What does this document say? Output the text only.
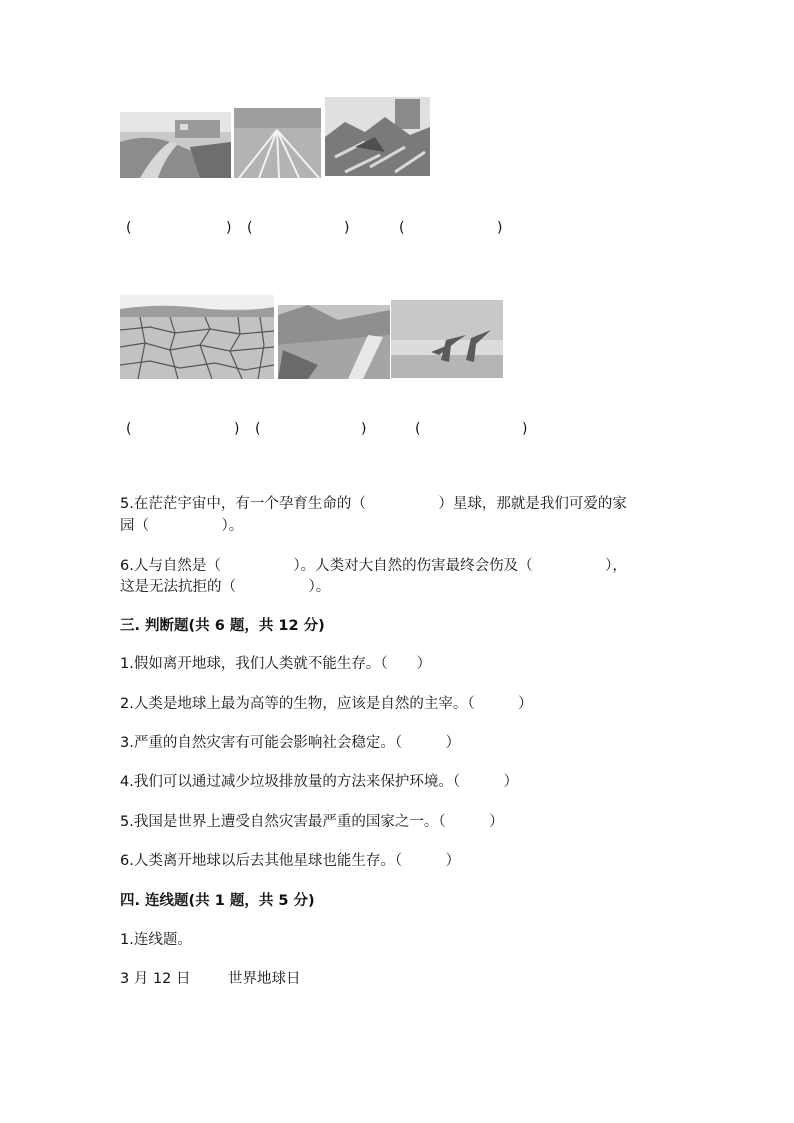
(	) (	)	(	)
(	) (	)	(	)
5.在茫茫宇宙中，有一个孕育生命的（　　　　　）星球，那就是我们可爱的家
园（　　　　　）。
6.人与自然是（　　　　　）。人类对大自然的伤害最终会伤及（　　　　　），
这是无法抗拒的（　　　　　）。
三. 判断题(共 6 题，共 12 分)
1.假如离开地球，我们人类就不能生存。（　　）
2.人类是地球上最为高等的生物，应该是自然的主宰。（　　　）
3.严重的自然灾害有可能会影响社会稳定。（　　　）
4.我们可以通过减少垃圾排放量的方法来保护环境。（　　　）
5.我国是世界上遭受自然灾害最严重的国家之一。（　　　）
6.人类离开地球以后去其他星球也能生存。（　　　）
四. 连线题(共 1 题，共 5 分)
1.连线题。
3 月 12 日	世界地球日
